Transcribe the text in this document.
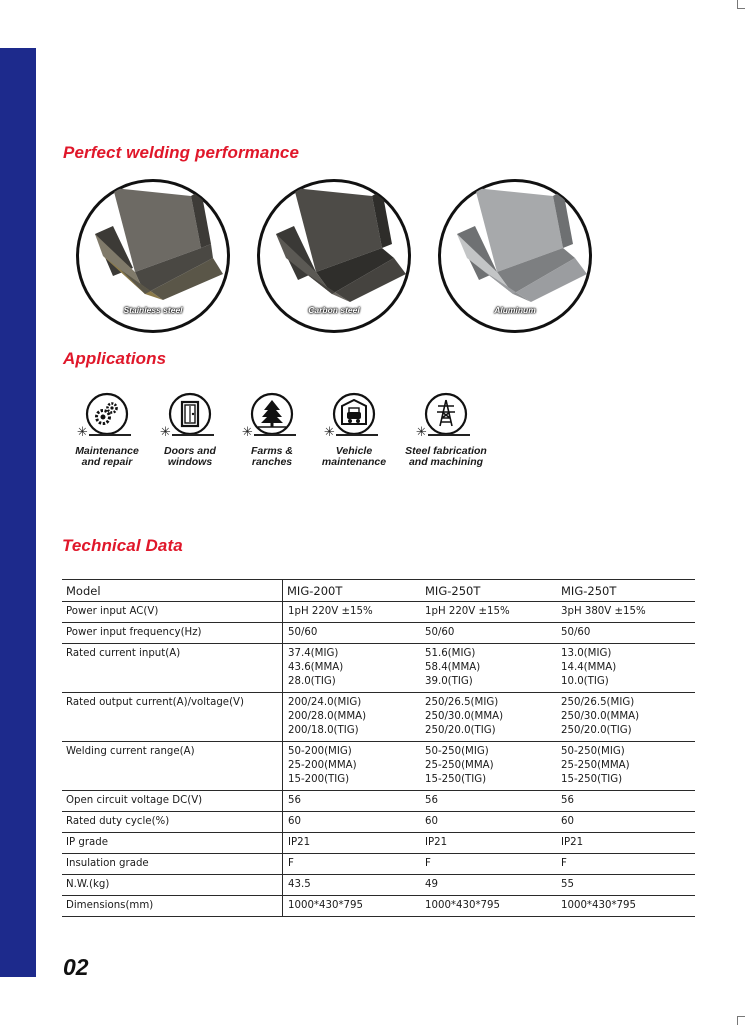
Perfect welding performance
Stainless steel	Carbon steel	Aluminum
Applications
✳
Maintenance
and repair
✳
Doors and
windows
✳
Farms &
ranches
✳
Vehicle
maintenance
✳
Steel fabrication
and machining
Technical Data
Model	MIG-200T	MIG-250T	MIG-250T
Power input AC(V)	1pH 220V ±15%	1pH 220V ±15%	3pH 380V ±15%
Power input frequency(Hz)	50/60	50/60	50/60
Rated current input(A)	37.4(MIG)
43.6(MMA)
28.0(TIG)	51.6(MIG)
58.4(MMA)
39.0(TIG)	13.0(MIG)
14.4(MMA)
10.0(TIG)
Rated output current(A)/voltage(V)	200/24.0(MIG)
200/28.0(MMA)
200/18.0(TIG)	250/26.5(MIG)
250/30.0(MMA)
250/20.0(TIG)	250/26.5(MIG)
250/30.0(MMA)
250/20.0(TIG)
Welding current range(A)	50-200(MIG)
25-200(MMA)
15-200(TIG)	50-250(MIG)
25-250(MMA)
15-250(TIG)	50-250(MIG)
25-250(MMA)
15-250(TIG)
Open circuit voltage DC(V)	56	56	56
Rated duty cycle(%)	60	60	60
IP grade	IP21	IP21	IP21
Insulation grade	F	F	F
N.W.(kg)	43.5	49	55
Dimensions(mm)	1000*430*795	1000*430*795	1000*430*795
02
